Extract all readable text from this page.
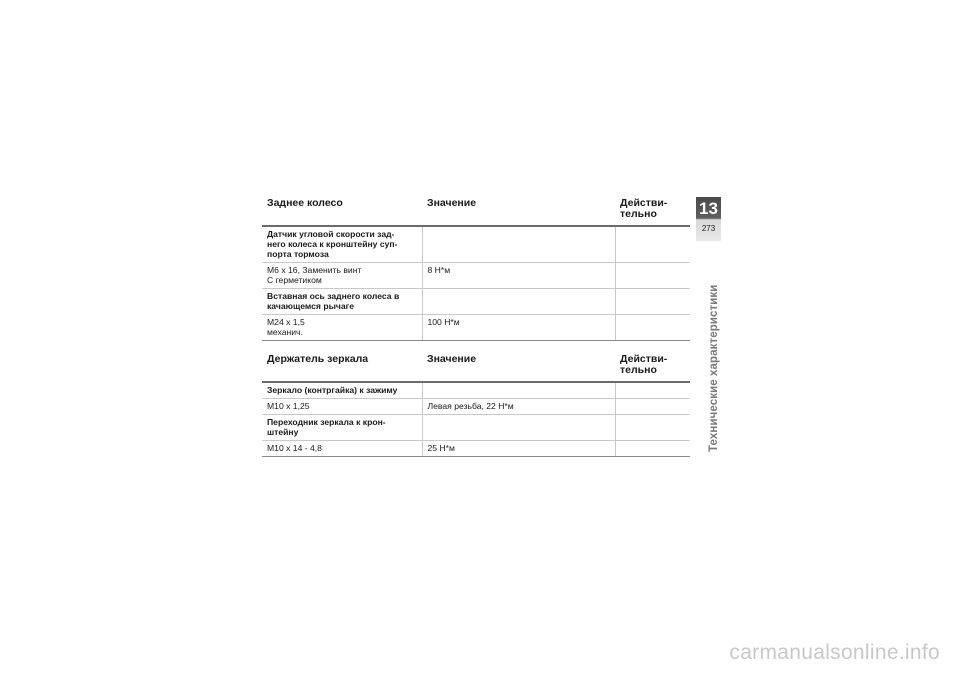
Заднее колесо	Значение	Действи-
тельно
Датчик угловой скорости зад-
него колеса к кронштейну суп-
порта тормоза		
М6 х 16, Заменить винт
С герметиком	8 Н*м	
Вставная ось заднего колеса в
качающемся рычаге		
М24 х 1,5
механич.	100 Н*м	
Держатель зеркала	Значение	Действи-
тельно
Зеркало (контргайка) к зажиму		
M10 x 1,25	Левая резьба, 22 Н*м	
Переходник зеркала к крон-
штейну		
M10 x 14 - 4,8	25 Н*м	
13
273
Технические характеристики
carmanualsonline.info
